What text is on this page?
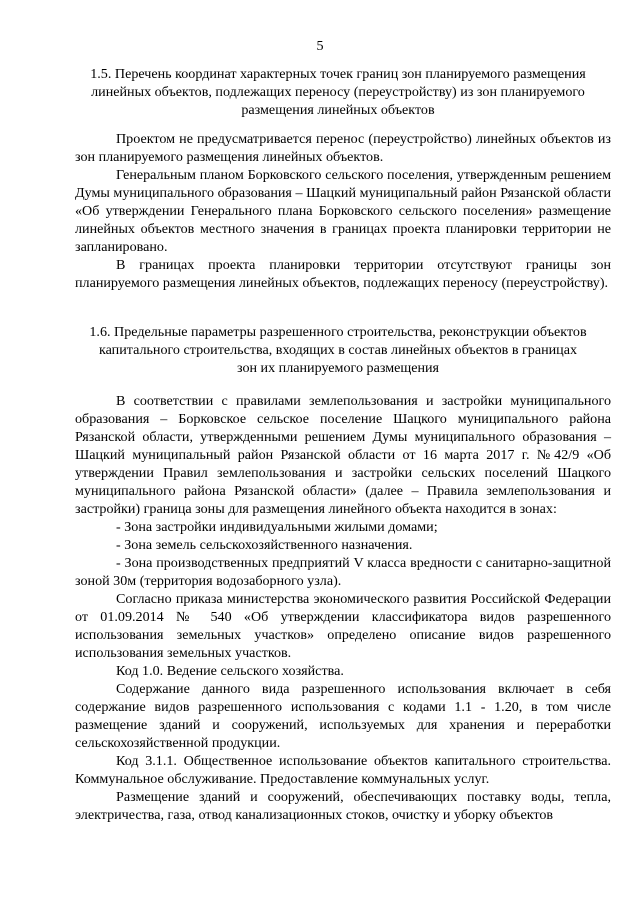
5
1.5. Перечень координат характерных точек границ зон планируемого размещения линейных объектов, подлежащих переносу (переустройству) из зон планируемого размещения линейных объектов

Проектом не предусматривается перенос (переустройство) линейных объектов из зон планируемого размещения линейных объектов.

Генеральным планом Борковского сельского поселения, утвержденным решением Думы муниципального образования – Шацкий муниципальный район Рязанской области «Об утверждении Генерального плана Борковского сельского поселения» размещение линейных объектов местного значения в границах проекта планировки территории не запланировано.

В границах проекта планировки территории отсутствуют границы зон планируемого размещения линейных объектов, подлежащих переносу (переустройству).

1.6. Предельные параметры разрешенного строительства, реконструкции объектов капитального строительства, входящих в состав линейных объектов в границах зон их планируемого размещения

В соответствии с правилами землепользования и застройки муниципального образования – Борковское сельское поселение Шацкого муниципального района Рязанской области, утвержденными решением Думы муниципального образования – Шацкий муниципальный район Рязанской области от 16 марта 2017 г. №42/9 «Об утверждении Правил землепользования и застройки сельских поселений Шацкого муниципального района Рязанской области» (далее – Правила землепользования и застройки) граница зоны для размещения линейного объекта находится в зонах:

- Зона застройки индивидуальными жилыми домами;

- Зона земель сельскохозяйственного назначения.

- Зона производственных предприятий V класса вредности с санитарно-защитной зоной 30м (территория водозаборного узла).

Согласно приказа министерства экономического развития Российской Федерации от 01.09.2014 № 540 «Об утверждении классификатора видов разрешенного использования земельных участков» определено описание видов разрешенного использования земельных участков.

Код 1.0. Ведение сельского хозяйства.

Содержание данного вида разрешенного использования включает в себя содержание видов разрешенного использования с кодами 1.1 - 1.20, в том числе размещение зданий и сооружений, используемых для хранения и переработки сельскохозяйственной продукции.

Код 3.1.1. Общественное использование объектов капитального строительства. Коммунальное обслуживание. Предоставление коммунальных услуг.

Размещение зданий и сооружений, обеспечивающих поставку воды, тепла, электричества, газа, отвод канализационных стоков, очистку и уборку объектов
